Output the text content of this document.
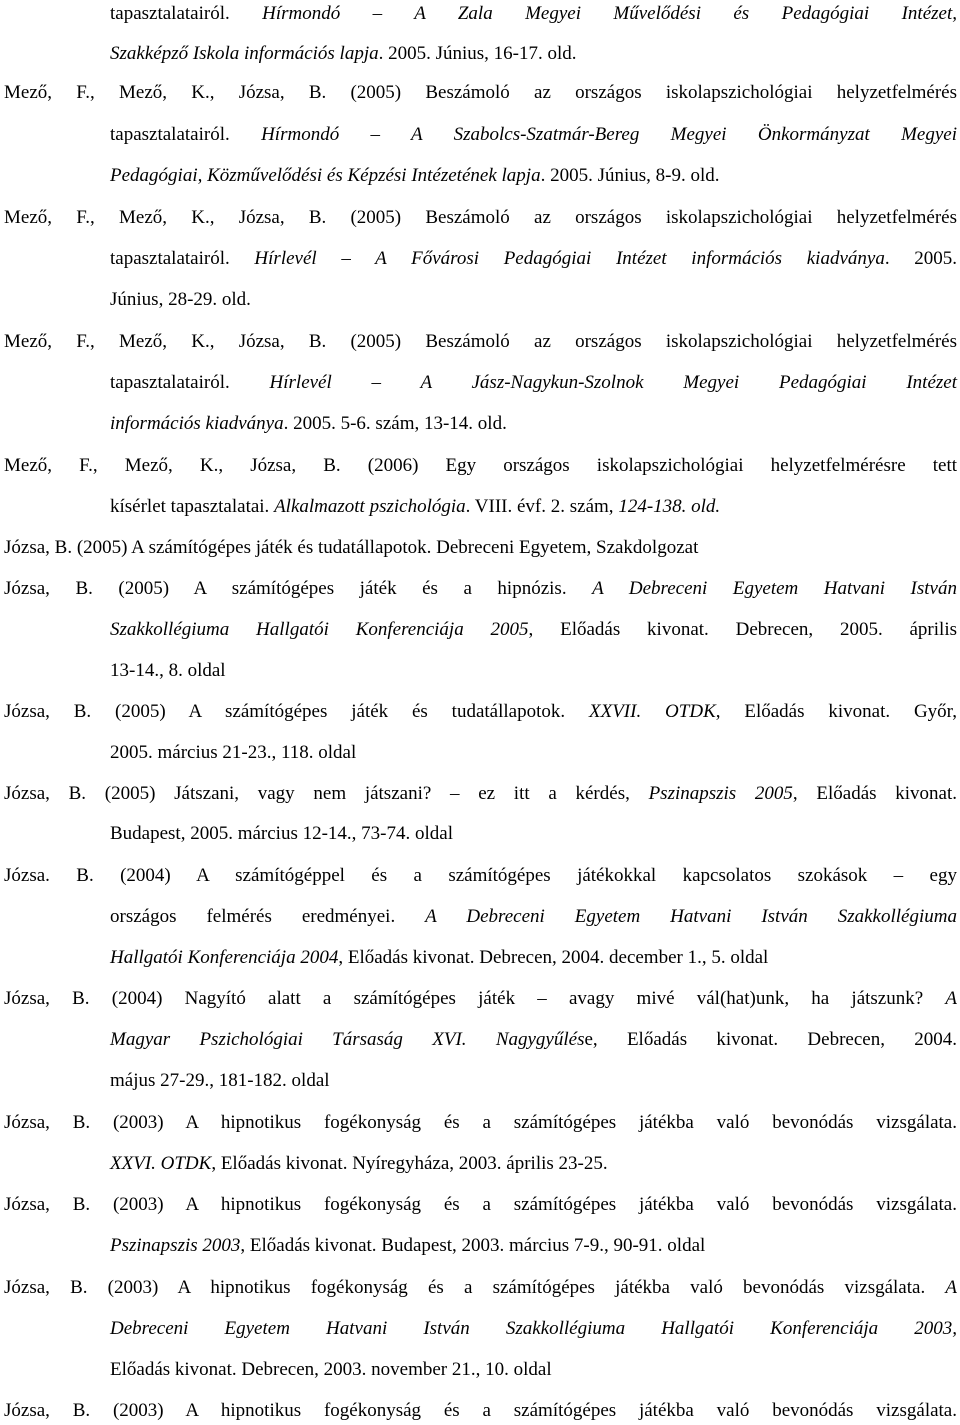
tapasztalatairól. Hírmondó – A Zala Megyei Művelődési és Pedagógiai Intézet,
Szakképző Iskola információs lapja. 2005. Június, 16-17. old.
Mező, F., Mező, K., Józsa, B. (2005) Beszámoló az országos iskolapszichológiai helyzetfelmérés
tapasztalatairól. Hírmondó – A Szabolcs-Szatmár-Bereg Megyei Önkormányzat Megyei
Pedagógiai, Közművelődési és Képzési Intézetének lapja. 2005. Június, 8-9. old.
Mező, F., Mező, K., Józsa, B. (2005) Beszámoló az országos iskolapszichológiai helyzetfelmérés
tapasztalatairól. Hírlevél – A Fővárosi Pedagógiai Intézet információs kiadványa. 2005.
Június, 28-29. old.
Mező, F., Mező, K., Józsa, B. (2005) Beszámoló az országos iskolapszichológiai helyzetfelmérés
tapasztalatairól. Hírlevél – A Jász-Nagykun-Szolnok Megyei Pedagógiai Intézet
információs kiadványa. 2005. 5-6. szám, 13-14. old.
Mező, F., Mező, K., Józsa, B. (2006) Egy országos iskolapszichológiai helyzetfelmérésre tett
kísérlet tapasztalatai. Alkalmazott pszichológia. VIII. évf. 2. szám, 124-138. old.
Józsa, B. (2005) A számítógépes játék és tudatállapotok. Debreceni Egyetem, Szakdolgozat
Józsa, B. (2005) A számítógépes játék és a hipnózis. A Debreceni Egyetem Hatvani István
Szakkollégiuma Hallgatói Konferenciája 2005, Előadás kivonat. Debrecen, 2005. április
13-14., 8. oldal
Józsa, B. (2005) A számítógépes játék és tudatállapotok. XXVII. OTDK, Előadás kivonat. Győr,
2005. március 21-23., 118. oldal
Józsa, B. (2005) Játszani, vagy nem játszani? – ez itt a kérdés, Pszinapszis 2005, Előadás kivonat.
Budapest, 2005. március 12-14., 73-74. oldal
Józsa. B. (2004) A számítógéppel és a számítógépes játékokkal kapcsolatos szokások – egy
országos felmérés eredményei. A Debreceni Egyetem Hatvani István Szakkollégiuma
Hallgatói Konferenciája 2004, Előadás kivonat. Debrecen, 2004. december 1., 5. oldal
Józsa, B. (2004) Nagyító alatt a számítógépes játék – avagy mivé vál(hat)unk, ha játszunk? A
Magyar Pszichológiai Társaság XVI. Nagygyűlése, Előadás kivonat. Debrecen, 2004.
május 27-29., 181-182. oldal
Józsa, B. (2003) A hipnotikus fogékonyság és a számítógépes játékba való bevonódás vizsgálata.
XXVI. OTDK, Előadás kivonat. Nyíregyháza, 2003. április 23-25.
Józsa, B. (2003) A hipnotikus fogékonyság és a számítógépes játékba való bevonódás vizsgálata.
Pszinapszis 2003, Előadás kivonat. Budapest, 2003. március 7-9., 90-91. oldal
Józsa, B. (2003) A hipnotikus fogékonyság és a számítógépes játékba való bevonódás vizsgálata. A
Debreceni Egyetem Hatvani István Szakkollégiuma Hallgatói Konferenciája 2003,
Előadás kivonat. Debrecen, 2003. november 21., 10. oldal
Józsa, B. (2003) A hipnotikus fogékonyság és a számítógépes játékba való bevonódás vizsgálata.
